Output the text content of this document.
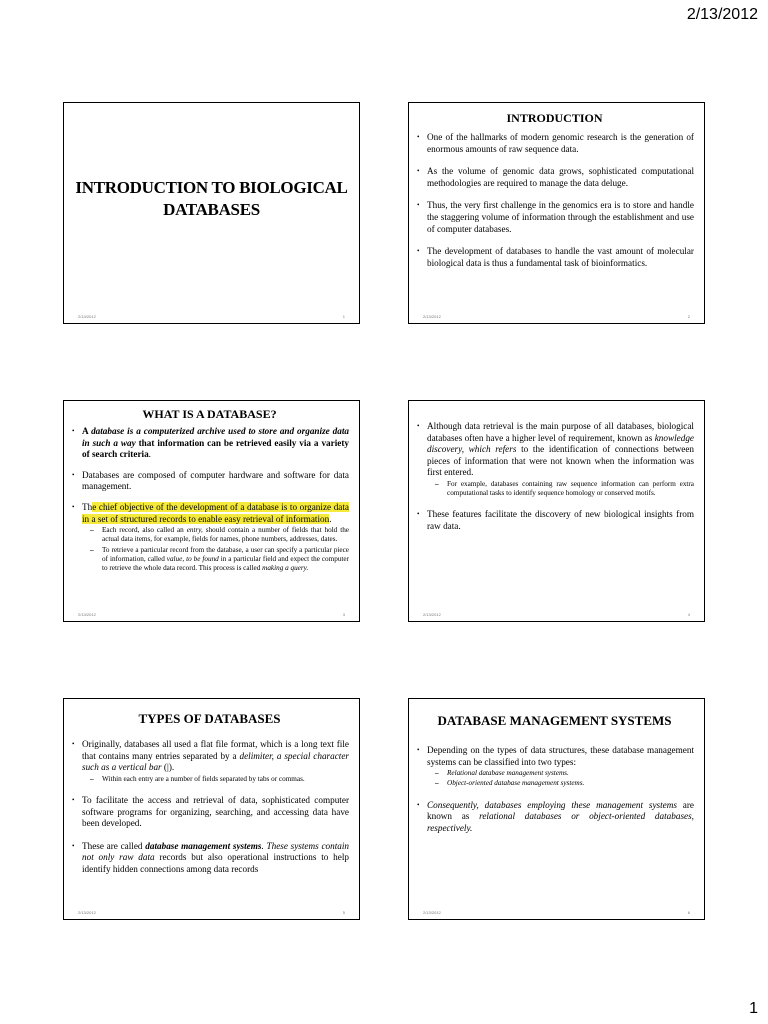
2/13/2012
INTRODUCTION TO BIOLOGICAL DATABASES
2/13/2012	1
INTRODUCTION
• One of the hallmarks of modern genomic research is the generation of enormous amounts of raw sequence data.
• As the volume of genomic data grows, sophisticated computational methodologies are required to manage the data deluge.
• Thus, the very first challenge in the genomics era is to store and handle the staggering volume of information through the establishment and use of computer databases.
• The development of databases to handle the vast amount of molecular biological data is thus a fundamental task of bioinformatics.
2/13/2012	2
WHAT IS A DATABASE?
• A database is a computerized archive used to store and organize data in such a way that information can be retrieved easily via a variety of search criteria.
• Databases are composed of computer hardware and software for data management.
• The chief objective of the development of a database is to organize data in a set of structured records to enable easy retrieval of information.
– Each record, also called an entry, should contain a number of fields that hold the actual data items, for example, fields for names, phone numbers, addresses, dates.
– To retrieve a particular record from the database, a user can specify a particular piece of information, called value, to be found in a particular field and expect the computer to retrieve the whole data record. This process is called making a query.
2/13/2012	3
• Although data retrieval is the main purpose of all databases, biological databases often have a higher level of requirement, known as knowledge discovery, which refers to the identification of connections between pieces of information that were not known when the information was first entered.
– For example, databases containing raw sequence information can perform extra computational tasks to identify sequence homology or conserved motifs.
• These features facilitate the discovery of new biological insights from raw data.
2/13/2012	4
TYPES OF DATABASES
• Originally, databases all used a flat file format, which is a long text file that contains many entries separated by a delimiter, a special character such as a vertical bar (|).
– Within each entry are a number of fields separated by tabs or commas.
• To facilitate the access and retrieval of data, sophisticated computer software programs for organizing, searching, and accessing data have been developed.
• These are called database management systems. These systems contain not only raw data records but also operational instructions to help identify hidden connections among data records
2/13/2012	5
DATABASE MANAGEMENT SYSTEMS
• Depending on the types of data structures, these database management systems can be classified into two types:
– Relational database management systems.
– Object-oriented database management systems.
• Consequently, databases employing these management systems are known as relational databases or object-oriented databases, respectively.
2/13/2012	6
1
